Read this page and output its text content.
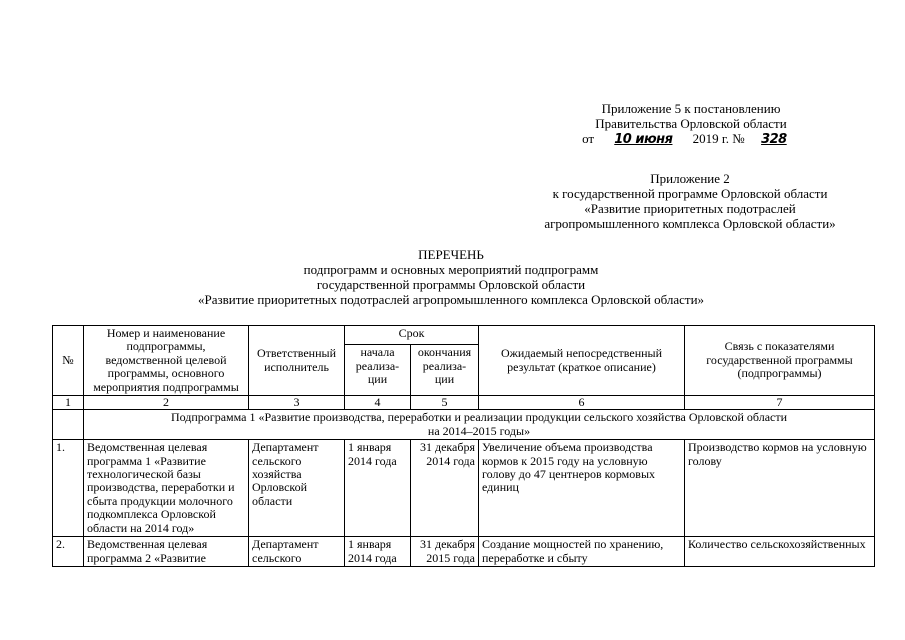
Приложение 5 к постановлению
Правительства Орловской области
от 10 июня 2019 г. № 328
Приложение 2
к государственной программе Орловской области
«Развитие приоритетных подотраслей
агропромышленного комплекса Орловской области»
ПЕРЕЧЕНЬ
подпрограмм и основных мероприятий подпрограмм
государственной программы Орловской области
«Развитие приоритетных подотраслей агропромышленного комплекса Орловской области»
№	Номер и наименование подпрограммы, ведомственной целевой программы, основного мероприятия подпрограммы	Ответственный исполнитель	Срок		Ожидаемый непосредственный результат (краткое описание)	Связь с показателями государственной программы (подпрограммы)
			начала реализа-ции	окончания реализа-ции		
1	2	3	4	5	6	7

	Подпрограмма 1 «Развитие производства, переработки и реализации продукции сельского хозяйства Орловской области
на 2014–2015 годы»					

1.	Ведомственная целевая программа 1 «Развитие технологической базы производства, переработки и сбыта продукции молочного подкомплекса Орловской области на 2014 год»	Департамент сельского хозяйства Орловской области	1 января 2014 года	31 декабря 2014 года	Увеличение объема производства кормов к 2015 году на условную голову до 47 центнеров кормовых единиц	Производство кормов на условную голову
2.	Ведомственная целевая программа 2 «Развитие	Департамент сельского	1 января 2014 года	31 декабря 2015 года	Создание мощностей по хранению, переработке и сбыту	Количество сельскохозяйственных
